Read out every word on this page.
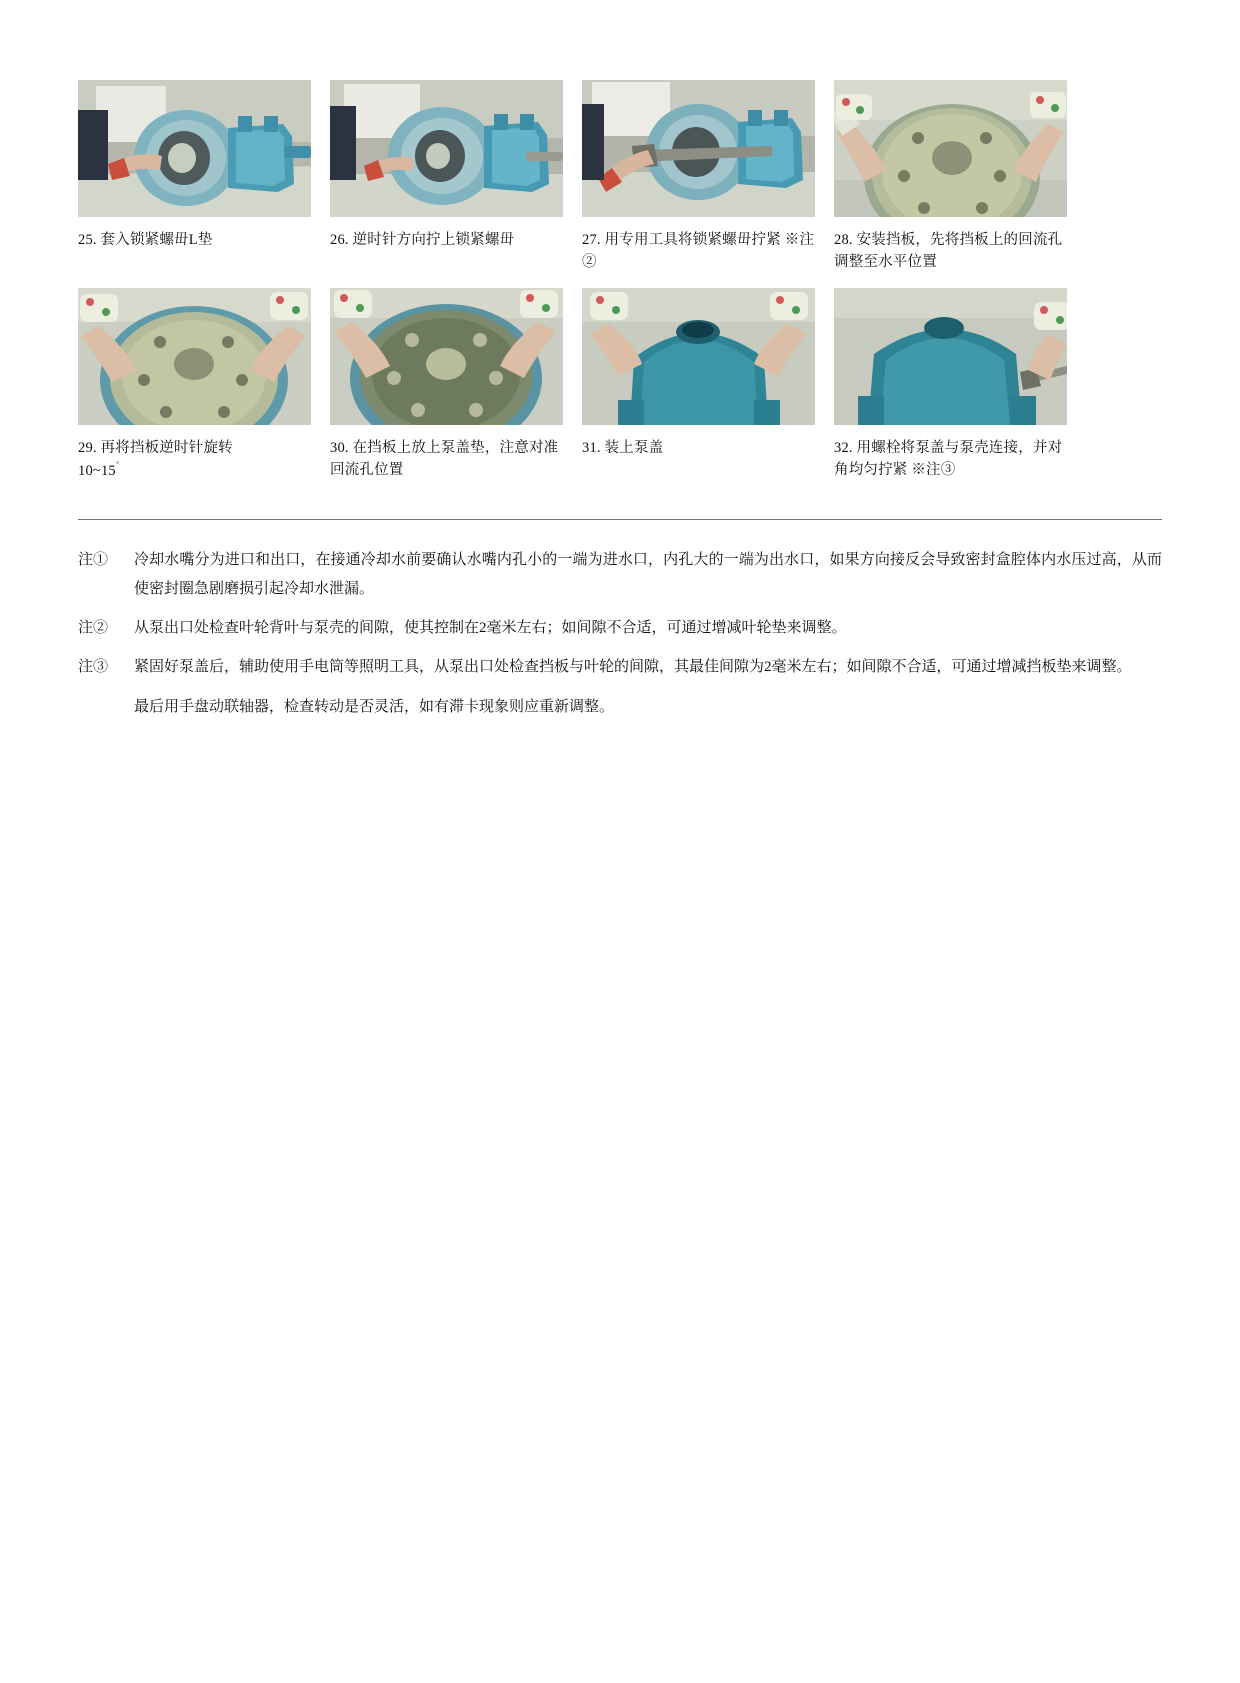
25. 套入锁紧螺毌L垫	26. 逆时针方向拧上锁紧螺毌	27. 用专用工具将锁紧螺毌拧紧 ※注②
28. 安装挡板，先将挡板上的回流孔调整至水平位置
29. 再将挡板逆时针旋转
10~15˚
30. 在挡板上放上泵盖垫，注意对准回流孔位置
31. 装上泵盖	32. 用螺栓将泵盖与泵壳连接，并对角均匀拧紧 ※注③
注①	冷却水嘴分为进口和出口，在接通冷却水前要确认水嘴内孔小的一端为进水口，内孔大的一端为出水口，如果方向接反会导致密封盒腔体内水压过高，从而使密封圈急剧磨损引起冷却水泄漏。
注②	从泵出口处检查叶轮背叶与泵壳的间隙，使其控制在2毫米左右；如间隙不合适，可通过增减叶轮垫来调整。
注③	紧固好泵盖后，辅助使用手电筒等照明工具，从泵出口处检查挡板与叶轮的间隙，其最佳间隙为2毫米左右；如间隙不合适，可通过增减挡板垫来调整。
最后用手盘动联轴器，检查转动是否灵活，如有滞卡现象则应重新调整。
